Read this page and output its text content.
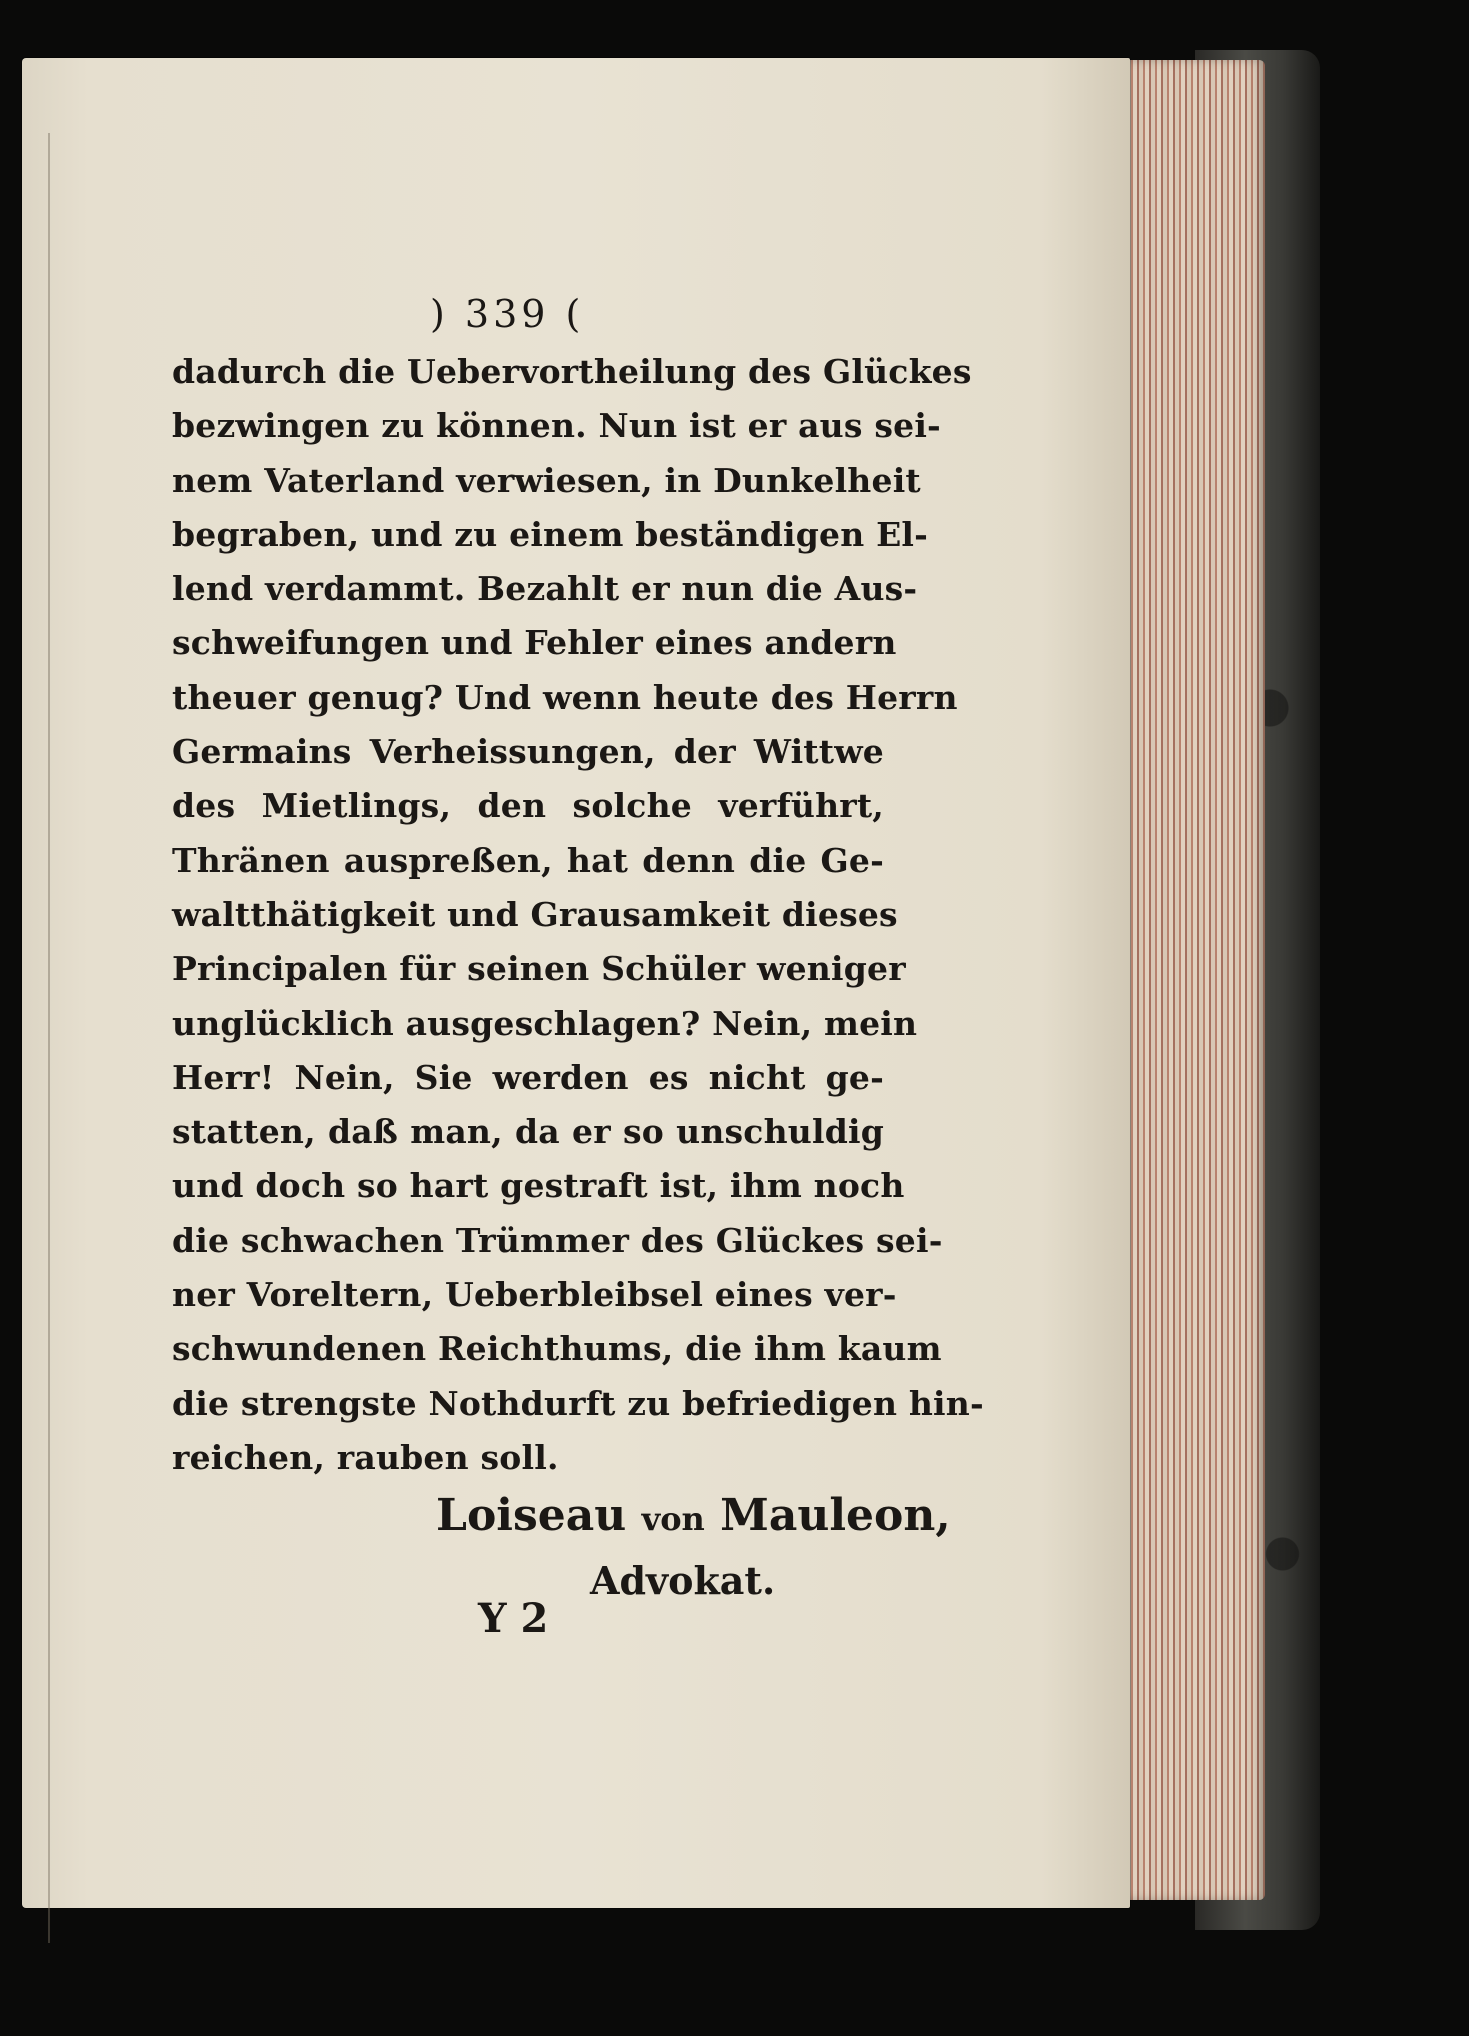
) 339 (
dadurch die Uebervortheilung des Glückes
bezwingen zu können. Nun ist er aus sei-
nem Vaterland verwiesen, in Dunkelheit
begraben, und zu einem beständigen El-
lend verdammt. Bezahlt er nun die Aus-
schweifungen und Fehler eines andern
theuer genug? Und wenn heute des Herrn
Germains Verheissungen, der Wittwe
des Mietlings, den solche verführt,
Thränen auspreßen, hat denn die Ge-
waltthätigkeit und Grausamkeit dieses
Principalen für seinen Schüler weniger
unglücklich ausgeschlagen? Nein, mein
Herr! Nein, Sie werden es nicht ge-
statten, daß man, da er so unschuldig
und doch so hart gestraft ist, ihm noch
die schwachen Trümmer des Glückes sei-
ner Voreltern, Ueberbleibsel eines ver-
schwundenen Reichthums, die ihm kaum
die strengste Nothdurft zu befriedigen hin-
reichen, rauben soll.
Loiseau von Mauleon,
Advokat.
Y 2
